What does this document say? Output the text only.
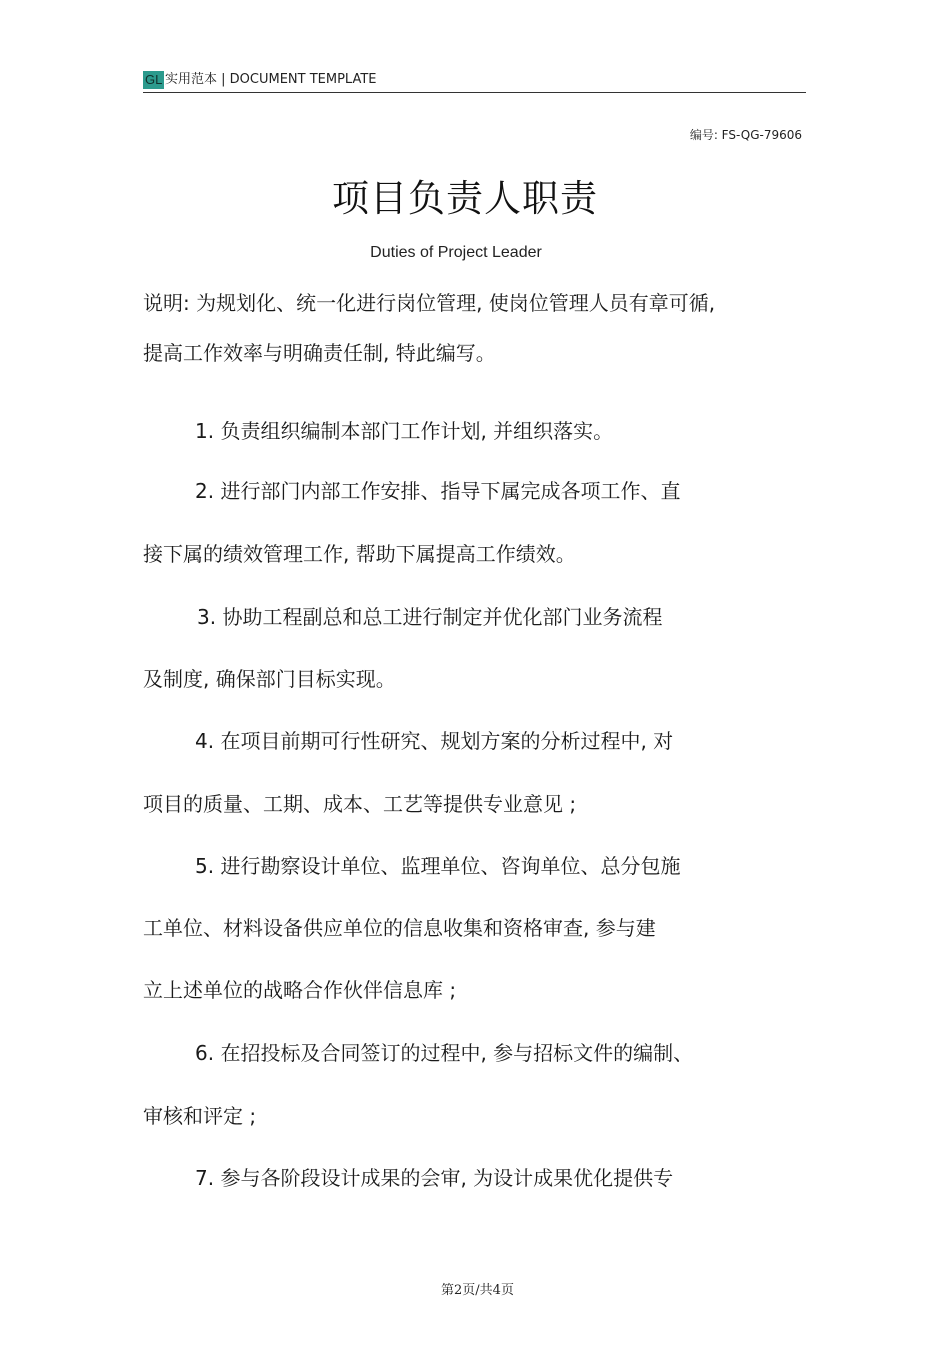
GL 实用范本 | DOCUMENT TEMPLATE
编号: FS-QG-79606
项目负责人职责
Duties of Project Leader
说明: 为规划化、统一化进行岗位管理, 使岗位管理人员有章可循,
提高工作效率与明确责任制, 特此编写。
1. 负责组织编制本部门工作计划, 并组织落实。
2. 进行部门内部工作安排、指导下属完成各项工作、直
接下属的绩效管理工作, 帮助下属提高工作绩效。
3. 协助工程副总和总工进行制定并优化部门业务流程
及制度, 确保部门目标实现。
4. 在项目前期可行性研究、规划方案的分析过程中, 对
项目的质量、工期、成本、工艺等提供专业意见 ;
5. 进行勘察设计单位、监理单位、咨询单位、总分包施
工单位、材料设备供应单位的信息收集和资格审查, 参与建
立上述单位的战略合作伙伴信息库 ;
6. 在招投标及合同签订的过程中, 参与招标文件的编制、
审核和评定 ;
7. 参与各阶段设计成果的会审, 为设计成果优化提供专
第2页/共4页
